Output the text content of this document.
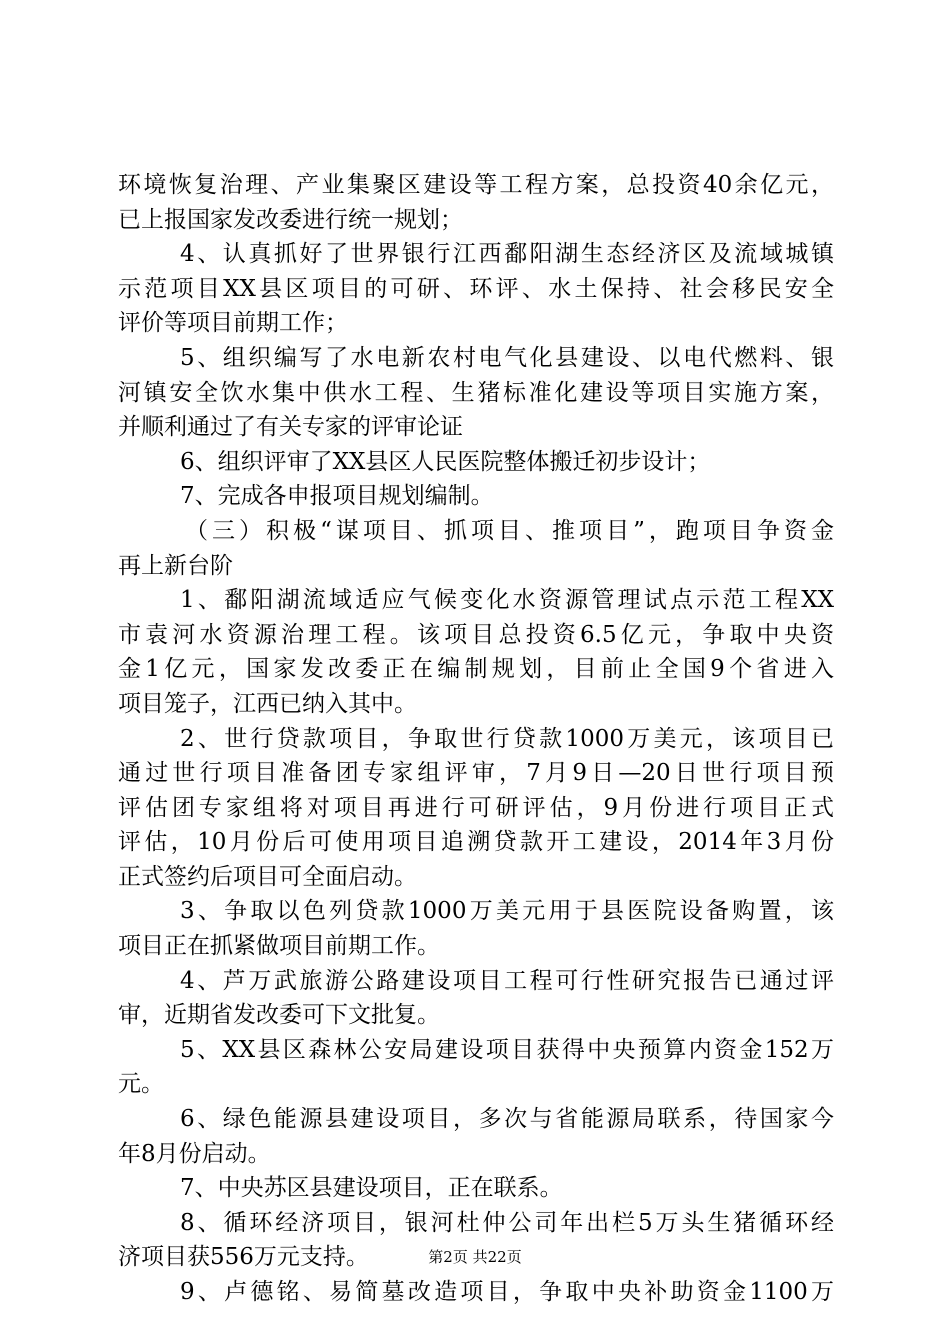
环境恢复治理、产业集聚区建设等工程方案，总投资40余亿元，
已上报国家发改委进行统一规划；
4、认真抓好了世界银行江西鄱阳湖生态经济区及流域城镇
示范项目XX县区项目的可研、环评、水土保持、社会移民安全
评价等项目前期工作；
5、组织编写了水电新农村电气化县建设、以电代燃料、银
河镇安全饮水集中供水工程、生猪标准化建设等项目实施方案，
并顺利通过了有关专家的评审论证
6、组织评审了XX县区人民医院整体搬迁初步设计；
7、完成各申报项目规划编制。
（三）积极“谋项目、抓项目、推项目”，跑项目争资金
再上新台阶
1、鄱阳湖流域适应气候变化水资源管理试点示范工程XX
市袁河水资源治理工程。该项目总投资6.5亿元，争取中央资
金1亿元，国家发改委正在编制规划，目前止全国9个省进入
项目笼子，江西已纳入其中。
2、世行贷款项目，争取世行贷款1000万美元，该项目已
通过世行项目准备团专家组评审，7月9日—20日世行项目预
评估团专家组将对项目再进行可研评估，9月份进行项目正式
评估，10月份后可使用项目追溯贷款开工建设，2014年3月份
正式签约后项目可全面启动。
3、争取以色列贷款1000万美元用于县医院设备购置，该
项目正在抓紧做项目前期工作。
4、芦万武旅游公路建设项目工程可行性研究报告已通过评
审，近期省发改委可下文批复。
5、XX县区森林公安局建设项目获得中央预算内资金152万
元。
6、绿色能源县建设项目，多次与省能源局联系，待国家今
年8月份启动。
7、中央苏区县建设项目，正在联系。
8、循环经济项目，银河杜仲公司年出栏5万头生猪循环经
济项目获556万元支持。
9、卢德铭、易简墓改造项目，争取中央补助资金1100万
第2页 共22页
